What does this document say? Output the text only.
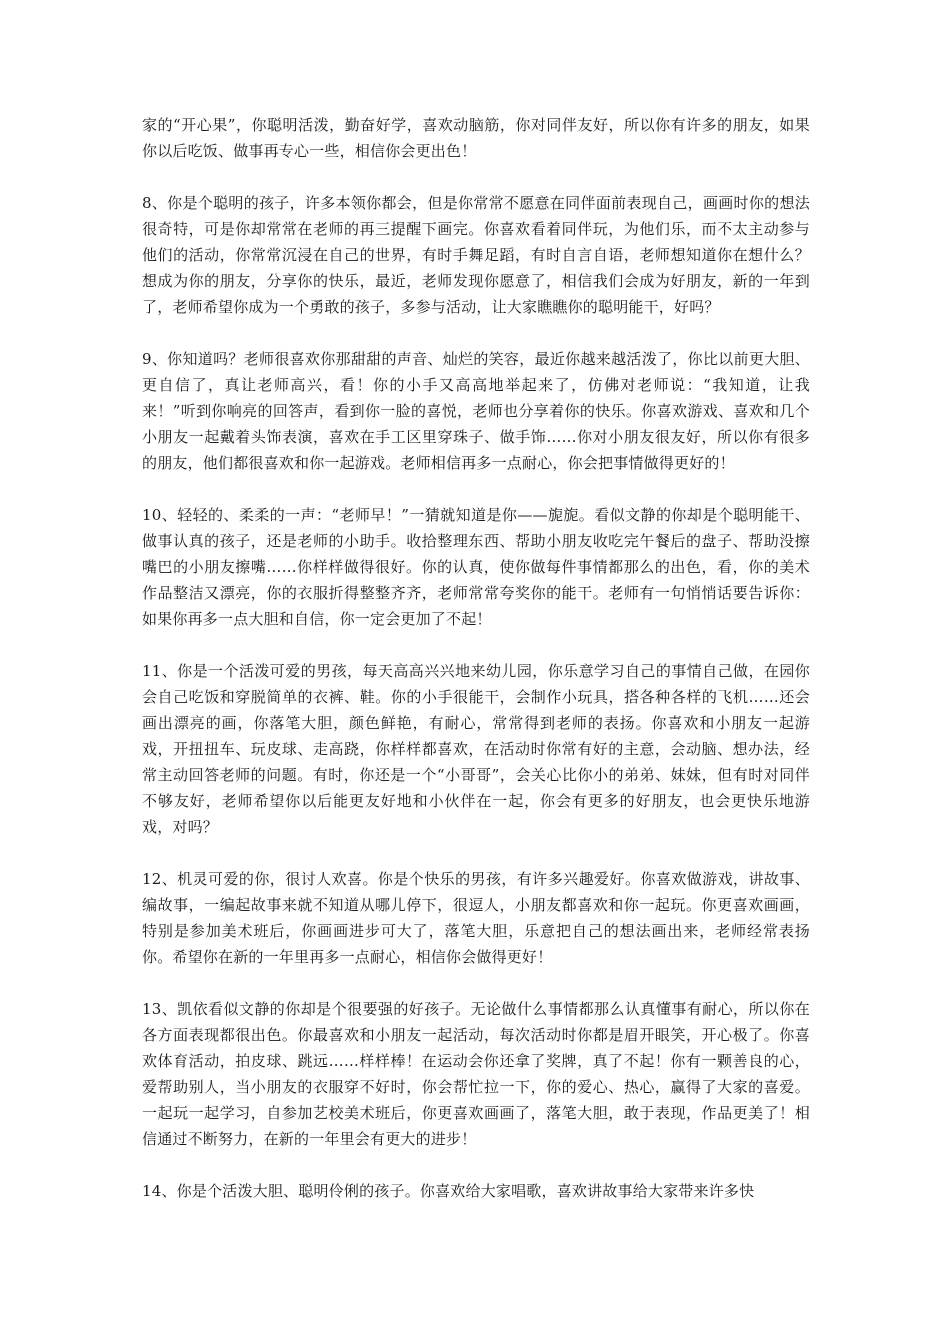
家的“开心果”，你聪明活泼，勤奋好学，喜欢动脑筋，你对同伴友好，所以你有许多的朋友，如果你以后吃饭、做事再专心一些，相信你会更出色！

8、你是个聪明的孩子，许多本领你都会，但是你常常不愿意在同伴面前表现自己，画画时你的想法很奇特，可是你却常常在老师的再三提醒下画完。你喜欢看着同伴玩，为他们乐，而不太主动参与他们的活动，你常常沉浸在自己的世界，有时手舞足蹈，有时自言自语，老师想知道你在想什么？想成为你的朋友，分享你的快乐，最近，老师发现你愿意了，相信我们会成为好朋友，新的一年到了，老师希望你成为一个勇敢的孩子，多参与活动，让大家瞧瞧你的聪明能干，好吗？

9、你知道吗？老师很喜欢你那甜甜的声音、灿烂的笑容，最近你越来越活泼了，你比以前更大胆、更自信了，真让老师高兴，看！你的小手又高高地举起来了，仿佛对老师说：“我知道，让我来！”听到你响亮的回答声，看到你一脸的喜悦，老师也分享着你的快乐。你喜欢游戏、喜欢和几个小朋友一起戴着头饰表演，喜欢在手工区里穿珠子、做手饰……你对小朋友很友好，所以你有很多的朋友，他们都很喜欢和你一起游戏。老师相信再多一点耐心，你会把事情做得更好的！

10、轻轻的、柔柔的一声：“老师早！”一猜就知道是你——旎旎。看似文静的你却是个聪明能干、做事认真的孩子，还是老师的小助手。收拾整理东西、帮助小朋友收吃完午餐后的盘子、帮助没擦嘴巴的小朋友擦嘴……你样样做得很好。你的认真，使你做每件事情都那么的出色，看，你的美术作品整洁又漂亮，你的衣服折得整整齐齐，老师常常夸奖你的能干。老师有一句悄悄话要告诉你：如果你再多一点大胆和自信，你一定会更加了不起！

11、你是一个活泼可爱的男孩，每天高高兴兴地来幼儿园，你乐意学习自己的事情自己做，在园你会自己吃饭和穿脱简单的衣裤、鞋。你的小手很能干，会制作小玩具，搭各种各样的飞机……还会画出漂亮的画，你落笔大胆，颜色鲜艳，有耐心，常常得到老师的表扬。你喜欢和小朋友一起游戏，开扭扭车、玩皮球、走高跷，你样样都喜欢，在活动时你常有好的主意，会动脑、想办法，经常主动回答老师的问题。有时，你还是一个“小哥哥”，会关心比你小的弟弟、妹妹，但有时对同伴不够友好，老师希望你以后能更友好地和小伙伴在一起，你会有更多的好朋友，也会更快乐地游戏，对吗？

12、机灵可爱的你，很讨人欢喜。你是个快乐的男孩，有许多兴趣爱好。你喜欢做游戏，讲故事、编故事，一编起故事来就不知道从哪儿停下，很逗人，小朋友都喜欢和你一起玩。你更喜欢画画，特别是参加美术班后，你画画进步可大了，落笔大胆，乐意把自己的想法画出来，老师经常表扬你。希望你在新的一年里再多一点耐心，相信你会做得更好！

13、凯依看似文静的你却是个很要强的好孩子。无论做什么事情都那么认真懂事有耐心，所以你在各方面表现都很出色。你最喜欢和小朋友一起活动，每次活动时你都是眉开眼笑，开心极了。你喜欢体育活动，拍皮球、跳远……样样棒！在运动会你还拿了奖牌，真了不起！你有一颗善良的心，爱帮助别人，当小朋友的衣服穿不好时，你会帮忙拉一下，你的爱心、热心，赢得了大家的喜爱。一起玩一起学习，自参加艺校美术班后，你更喜欢画画了，落笔大胆，敢于表现，作品更美了！相信通过不断努力，在新的一年里会有更大的进步！

14、你是个活泼大胆、聪明伶俐的孩子。你喜欢给大家唱歌，喜欢讲故事给大家带来许多快
